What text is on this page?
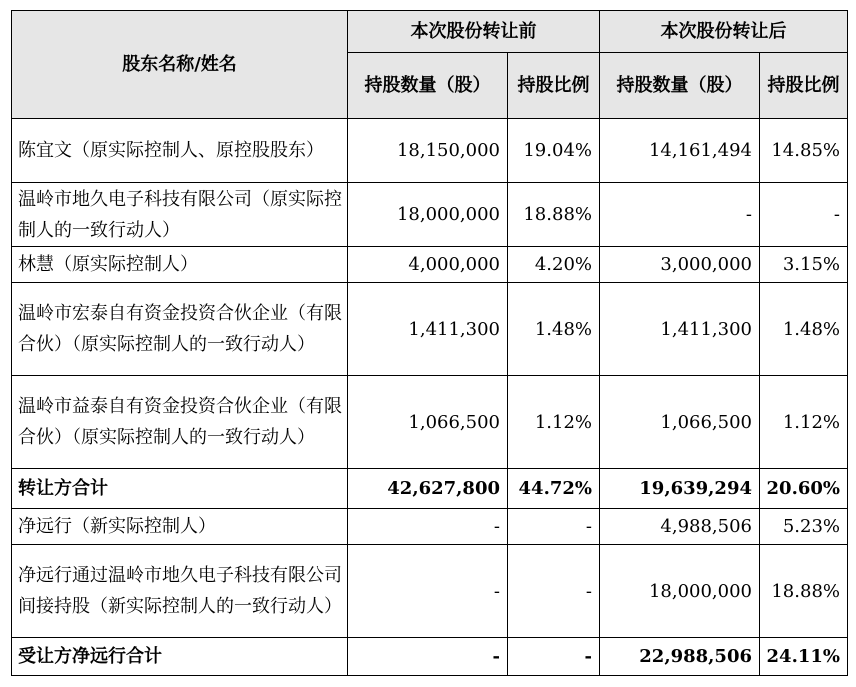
股东名称/姓名	本次股份转让前		本次股份转让后	
	持股数量（股）	持股比例	持股数量（股）	持股比例
陈宜文（原实际控制人、原控股股东）	18,150,000	19.04%	14,161,494	14.85%
温岭市地久电子科技有限公司（原实际控制人的一致行动人）	18,000,000	18.88%	-	-
林慧（原实际控制人）	4,000,000	4.20%	3,000,000	3.15%
温岭市宏泰自有资金投资合伙企业（有限合伙）（原实际控制人的一致行动人）	1,411,300	1.48%	1,411,300	1.48%
温岭市益泰自有资金投资合伙企业（有限合伙）（原实际控制人的一致行动人）	1,066,500	1.12%	1,066,500	1.12%
转让方合计	42,627,800	44.72%	19,639,294	20.60%
净远行（新实际控制人）	-	-	4,988,506	5.23%
净远行通过温岭市地久电子科技有限公司间接持股（新实际控制人的一致行动人）	-	-	18,000,000	18.88%
受让方净远行合计	-	-	22,988,506	24.11%
